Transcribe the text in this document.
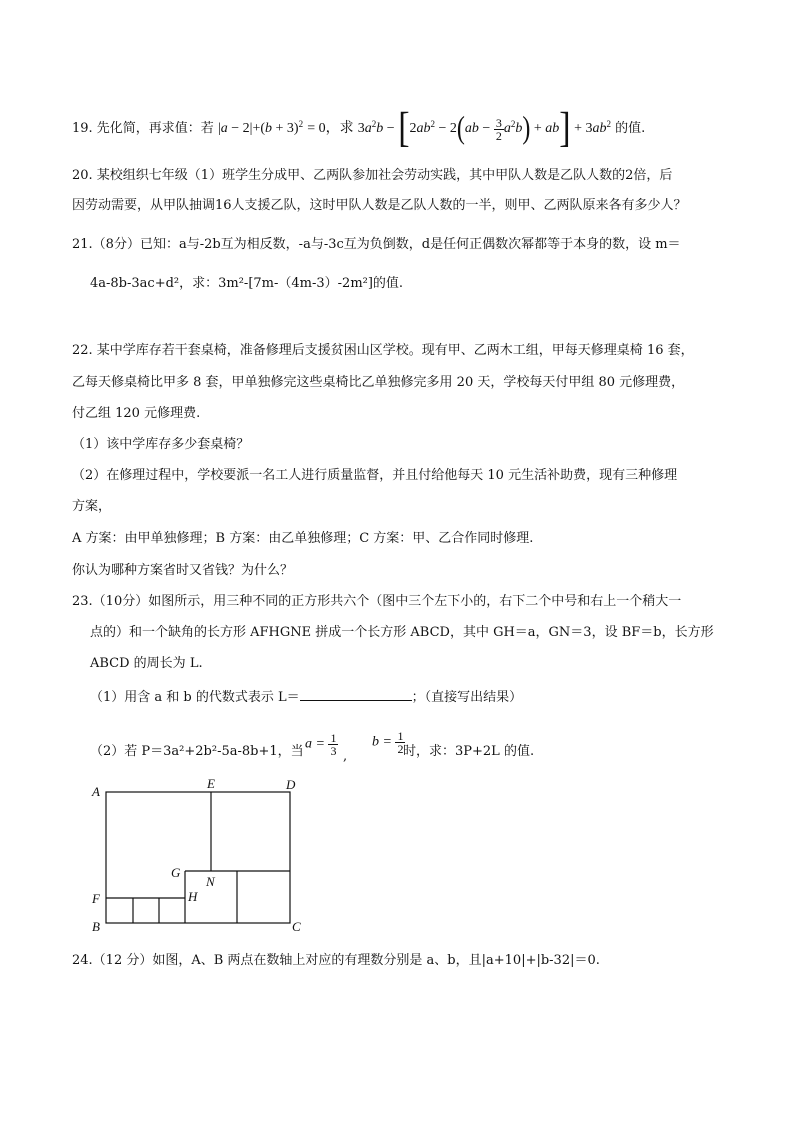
19. 先化简，再求值：若 $|a - 2|+(b + 3)^2 = 0$，求 $3a^2b - [2ab^2 - 2(ab - \frac{3}{2} a^2b) + ab] + 3ab^2$ 的值.
20. 某校组织七年级（1）班学生分成甲、乙两队参加社会劳动实践，其中甲队人数是乙队人数的2倍，后
因劳动需要，从甲队抽调16人支援乙队，这时甲队人数是乙队人数的一半，则甲、乙两队原来各有多少人？
21.（8分）已知：a与-2b互为相反数，-a与-3c互为负倒数，d是任何正偶数次幂都等于本身的数，设 m＝
4a-8b-3ac+d²，求：3m²-[7m-（4m-3）-2m²]的值.
22. 某中学库存若干套桌椅，准备修理后支援贫困山区学校。现有甲、乙两木工组，甲每天修理桌椅 16 套，
乙每天修桌椅比甲多 8 套，甲单独修完这些桌椅比乙单独修完多用 20 天，学校每天付甲组 80 元修理费，
付乙组 120 元修理费.
（1）该中学库存多少套桌椅？
（2）在修理过程中，学校要派一名工人进行质量监督，并且付给他每天 10 元生活补助费，现有三种修理
方案，
A 方案：由甲单独修理；B 方案：由乙单独修理；C 方案：甲、乙合作同时修理.
你认为哪种方案省时又省钱？为什么？
23.（10分）如图所示，用三种不同的正方形共六个（图中三个左下小的，右下二个中号和右上一个稍大一
点的）和一个缺角的长方形 AFHGNE 拼成一个长方形 ABCD，其中 GH＝a，GN＝3，设 BF＝b，长方形
ABCD 的周长为 L.
（1）用含 a 和 b 的代数式表示 L＝	；（直接写出结果）
（2）若 P＝3a²+2b²-5a-8b+1，当 $a = \frac{1}{3}$ ,
$b = \frac{1}{2}$
时，求：3P+2L 的值.
A
B	C
D
E
F
G
H
N
24.（12 分）如图，A、B 两点在数轴上对应的有理数分别是 a、b，且|a+10|+|b-32|＝0.
